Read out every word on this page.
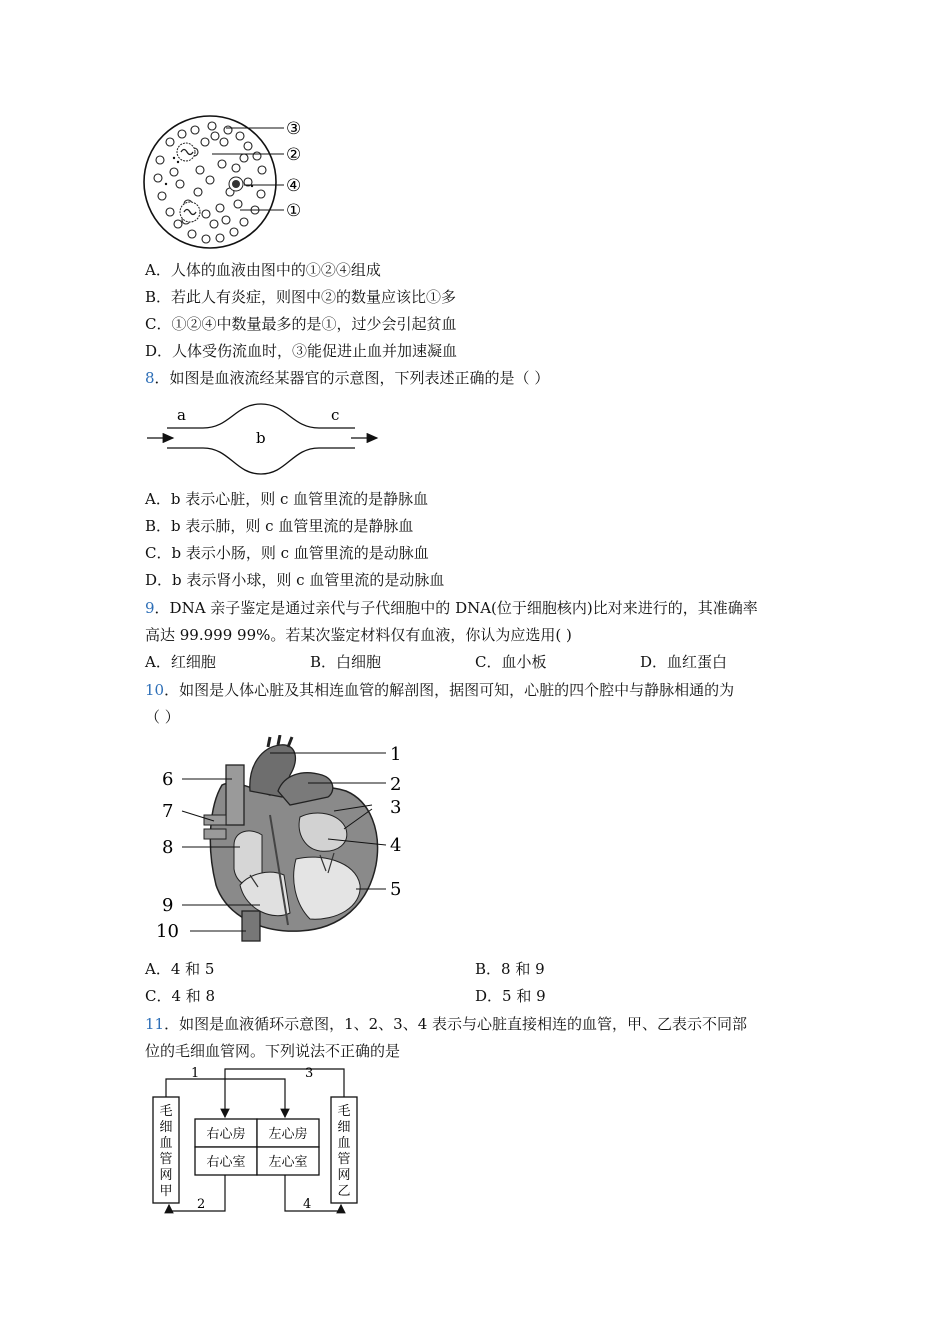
③
②
④
①
A．人体的血液由图中的①②④组成
B．若此人有炎症，则图中②的数量应该比①多
C．①②④中数量最多的是①，过少会引起贫血
D．人体受伤流血时，③能促进止血并加速凝血
8．如图是血液流经某器官的示意图，下列表述正确的是（ ）
a
b
c
A．b 表示心脏，则 c 血管里流的是静脉血
B．b 表示肺，则 c 血管里流的是静脉血
C．b 表示小肠，则 c 血管里流的是动脉血
D．b 表示肾小球，则 c 血管里流的是动脉血
9．DNA 亲子鉴定是通过亲代与子代细胞中的 DNA(位于细胞核内)比对来进行的，其准确率
高达 99.999 99%。若某次鉴定材料仅有血液，你认为应选用( )
A．红细胞	B．白细胞	C．血小板	D．血红蛋白
10．如图是人体心脏及其相连血管的解剖图，据图可知，心脏的四个腔中与静脉相通的为
（ ）
1
2
3
4
5
6
7
8
9
10
A．4 和 5	B．8 和 9
C．4 和 8	D．5 和 9
11．如图是血液循环示意图，1、2、3、4 表示与心脏直接相连的血管，甲、乙表示不同部
位的毛细血管网。下列说法不正确的是
毛
细
血
管
网
甲
毛
细
血
管
网
乙
右心房 左心房
右心室 左心室
1	3
2	4
